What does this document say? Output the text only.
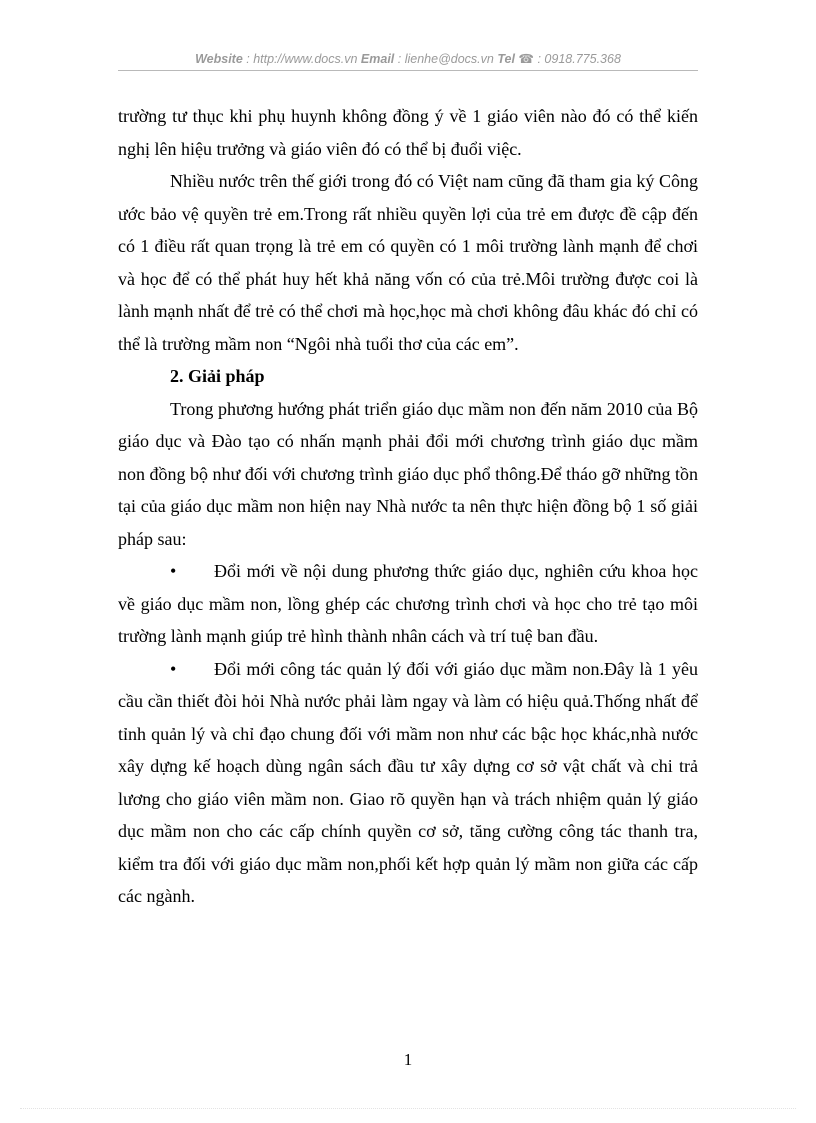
Website : http://www.docs.vn Email : lienhe@docs.vn Tel ☎ : 0918.775.368

trường tư thục khi phụ huynh không đồng ý về 1 giáo viên nào đó có thể kiến nghị lên hiệu trưởng và giáo viên đó có thể bị đuổi việc.

Nhiều nước trên thế giới trong đó có Việt nam cũng đã tham gia ký Công ước bảo vệ quyền trẻ em.Trong rất nhiều quyền lợi của trẻ em được đề cập đến có 1 điều rất quan trọng là trẻ em có quyền có 1 môi trường lành mạnh để chơi và học để có thể phát huy hết khả năng vốn có của trẻ.Môi trường được coi là lành mạnh nhất để trẻ có thể chơi mà học,học mà chơi không đâu khác đó chỉ có thể là trường mầm non “Ngôi nhà tuổi thơ của các em”.

2. Giải pháp

Trong phương hướng phát triển giáo dục mầm non đến năm 2010 của Bộ giáo dục và Đào tạo có nhấn mạnh phải đổi mới chương trình giáo dục mầm non đồng bộ như đối với chương trình giáo dục phổ thông.Để tháo gỡ những tồn tại của giáo dục mầm non hiện nay Nhà nước ta nên thực hiện đồng bộ 1 số giải pháp sau:

• Đổi mới về nội dung phương thức giáo dục, nghiên cứu khoa học về giáo dục mầm non, lồng ghép các chương trình chơi và học cho trẻ tạo môi trường lành mạnh giúp trẻ hình thành nhân cách và trí tuệ ban đầu.

• Đổi mới công tác quản lý đối với giáo dục mầm non.Đây là 1 yêu cầu cần thiết đòi hỏi Nhà nước phải làm ngay và làm có hiệu quả.Thống nhất để tỉnh quản lý và chỉ đạo chung đối với mầm non như các bậc học khác,nhà nước xây dựng kế hoạch dùng ngân sách đầu tư xây dựng cơ sở vật chất và chi trả lương cho giáo viên mầm non. Giao rõ quyền hạn và trách nhiệm quản lý giáo dục mầm non cho các cấp chính quyền cơ sở, tăng cường công tác thanh tra, kiểm tra đối với giáo dục mầm non,phối kết hợp quản lý mầm non giữa các cấp các ngành.

1
